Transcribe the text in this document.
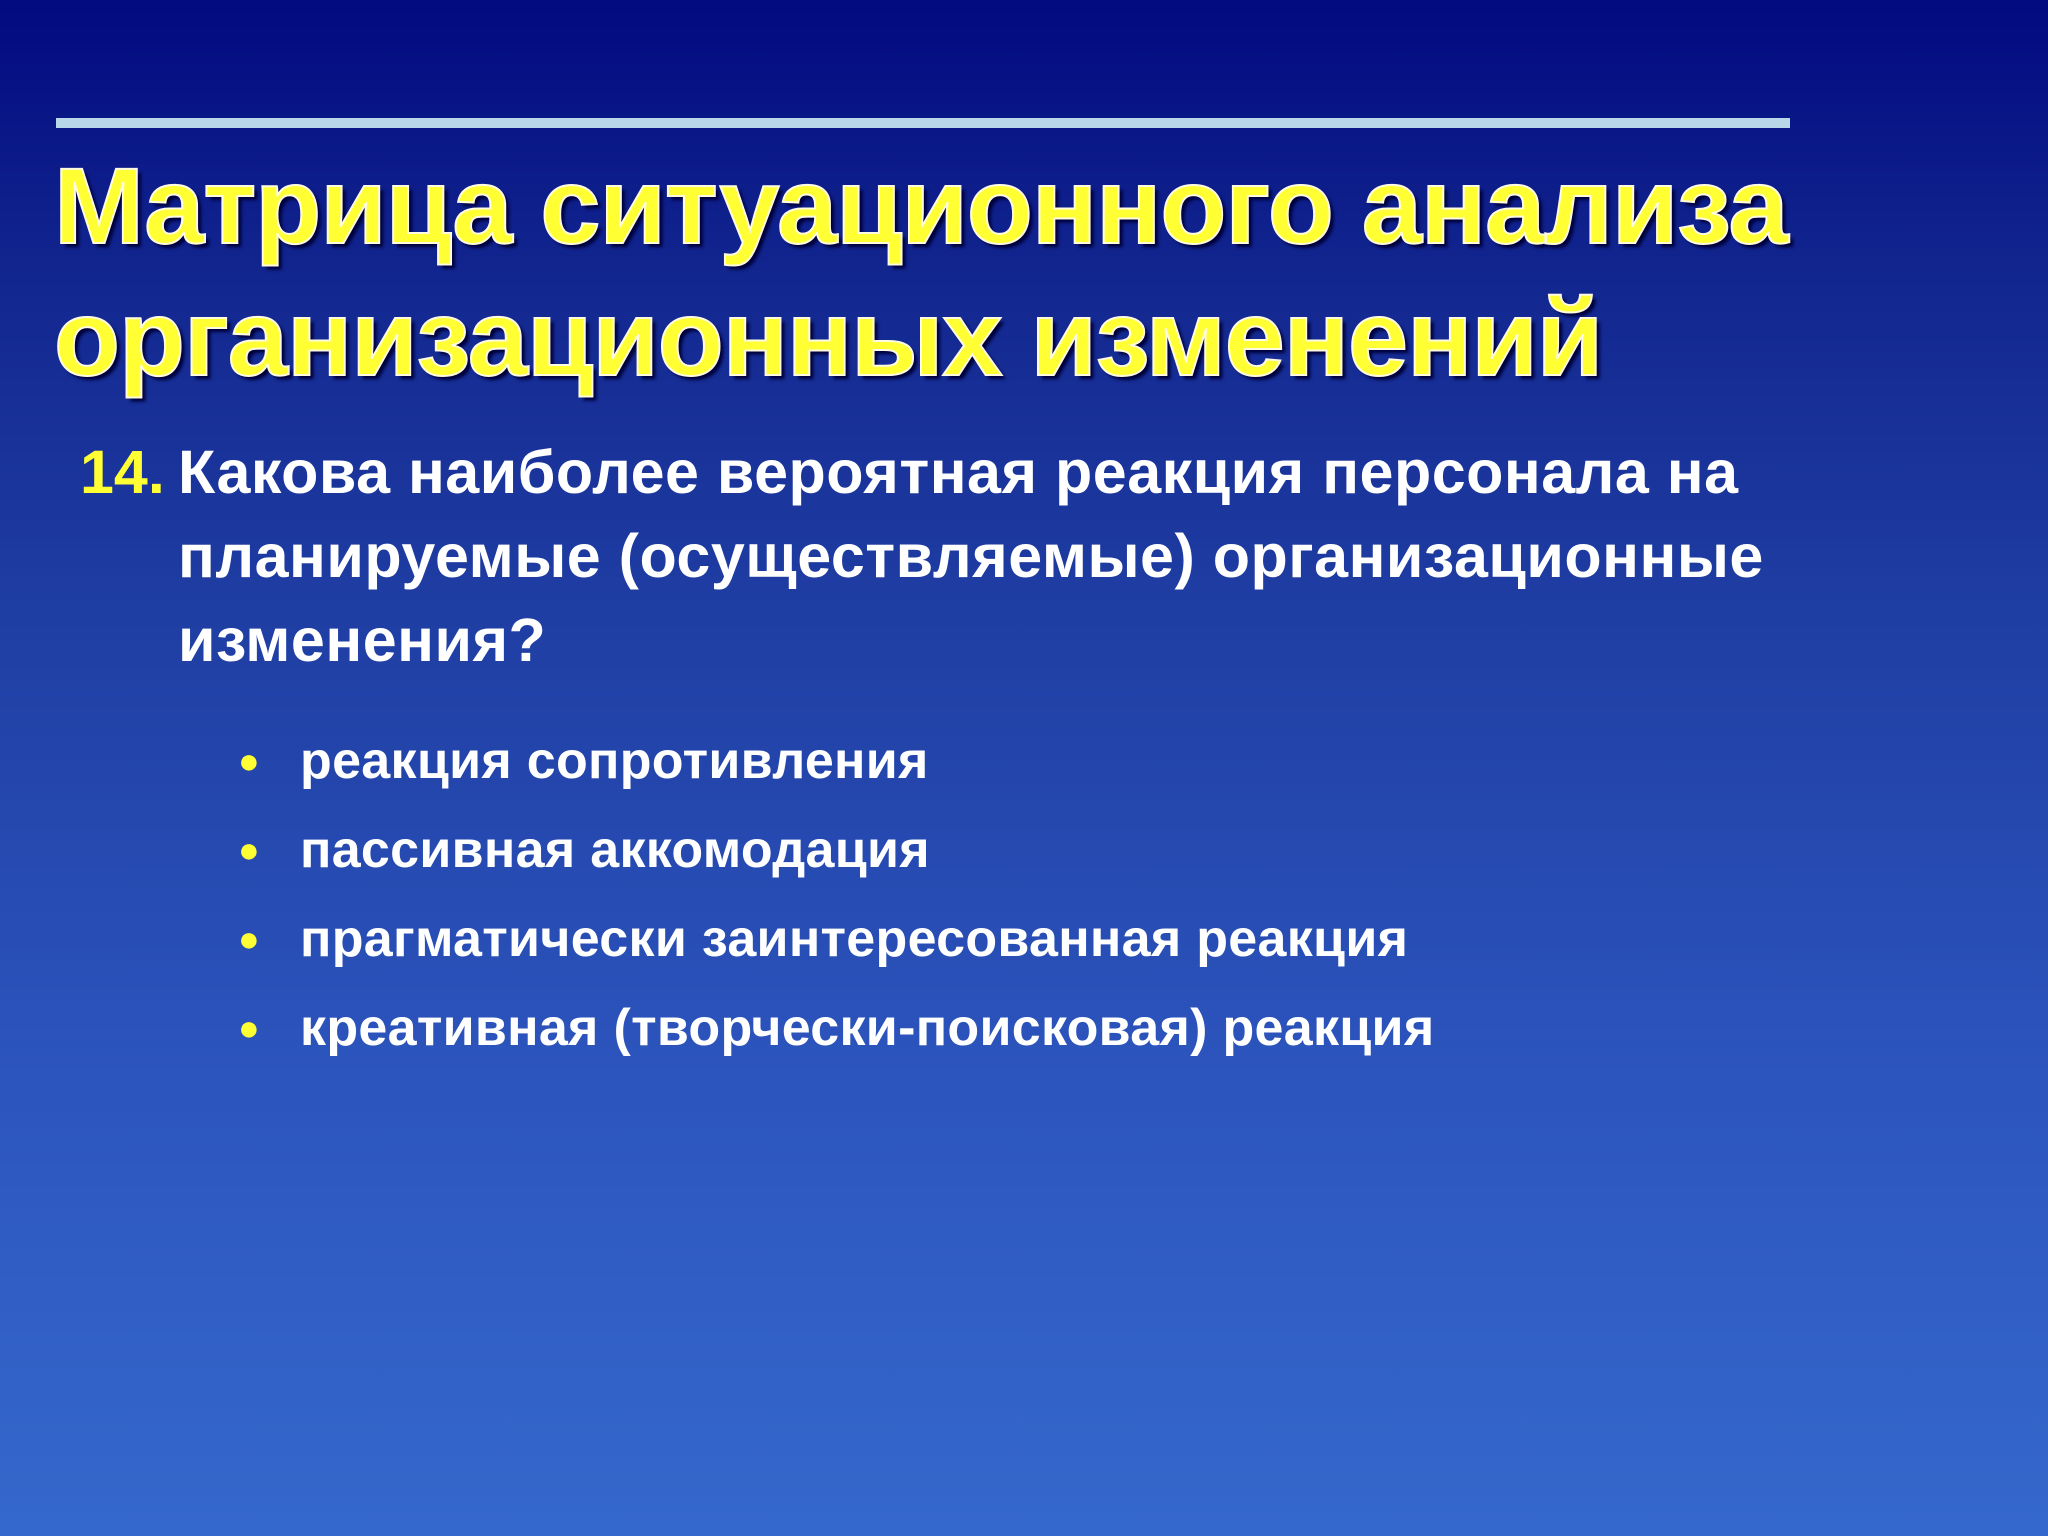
Матрица ситуационного анализа
организационных изменений
14. Какова наиболее вероятная реакция персонала на
планируемые (осуществляемые) организационные
изменения?
● реакция сопротивления
● пассивная аккомодация
● прагматически заинтересованная реакция
● креативная (творчески-поисковая) реакция
